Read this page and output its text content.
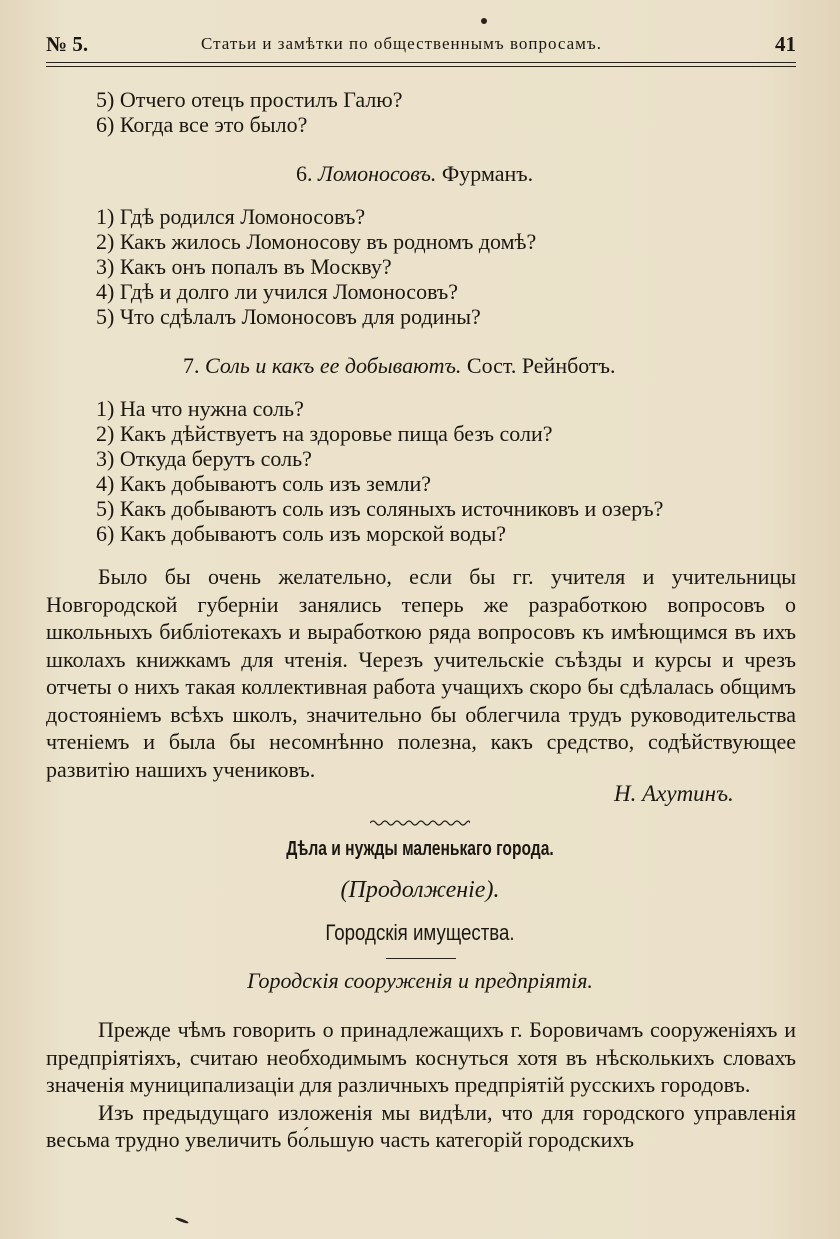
№ 5.	Статьи и замѣтки по общественнымъ вопросамъ.	41
5) Отчего отецъ простилъ Галю?
6) Когда все это было?
6. Ломоносовъ. Фурманъ.
1) Гдѣ родился Ломоносовъ?
2) Какъ жилось Ломоносову въ родномъ домѣ?
3) Какъ онъ попалъ въ Москву?
4) Гдѣ и долго ли учился Ломоносовъ?
5) Что сдѣлалъ Ломоносовъ для родины?
7. Соль и какъ ее добываютъ. Сост. Рейнботъ.
1) На что нужна соль?
2) Какъ дѣйствуетъ на здоровье пища безъ соли?
3) Откуда берутъ соль?
4) Какъ добываютъ соль изъ земли?
5) Какъ добываютъ соль изъ соляныхъ источниковъ и озеръ?
6) Какъ добываютъ соль изъ морской воды?

Было бы очень желательно, если бы гг. учителя и учительницы Новгородской губерніи занялись теперь же разработкою вопросовъ о школьныхъ библіотекахъ и выработкою ряда вопросовъ къ имѣющимся въ ихъ школахъ книжкамъ для чтенія. Черезъ учительскіе съѣзды и курсы и чрезъ отчеты о нихъ такая коллективная работа учащихъ скоро бы сдѣлалась общимъ достояніемъ всѣхъ школъ, значительно бы облегчила трудъ руководительства чтеніемъ и была бы несомнѣнно полезна, какъ средство, содѣйствующее развитію нашихъ учениковъ.

Н. Ахутинъ.
Дѣла и нужды маленькаго города.
(Продолженіе).
Городскія имущества.
Городскія сооруженія и предпріятія.

Прежде чѣмъ говорить о принадлежащихъ г. Боровичамъ сооруженіяхъ и предпріятіяхъ, считаю необходимымъ коснуться хотя въ нѣсколькихъ словахъ значенія муниципализаціи для различныхъ предпріятій русскихъ городовъ.

Изъ предыдущаго изложенія мы видѣли, что для городского управленія весьма трудно увеличить бо́льшую часть категорій городскихъ
